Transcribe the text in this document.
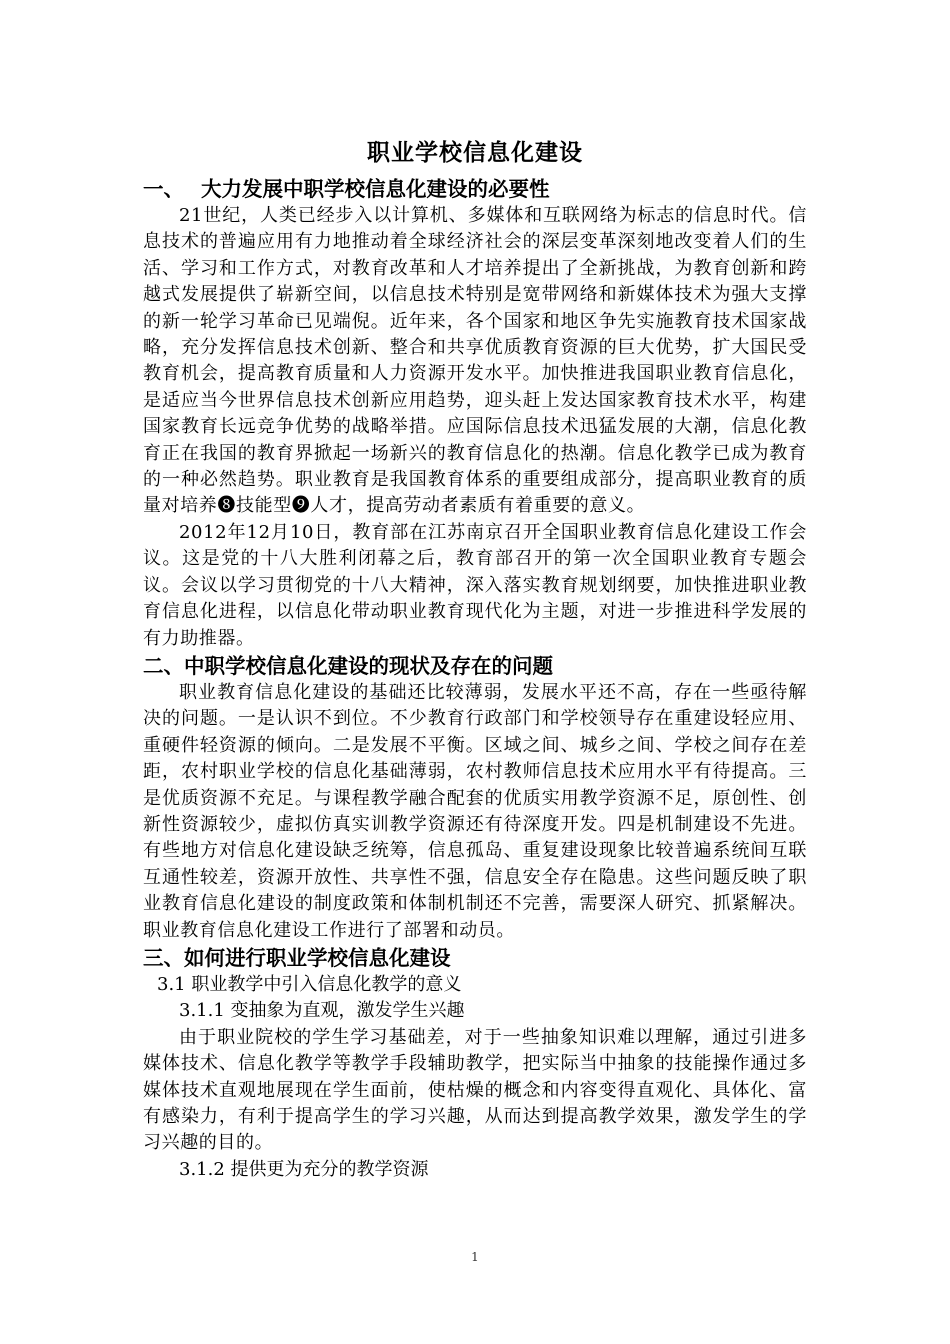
职业学校信息化建设
一、 大力发展中职学校信息化建设的必要性

21世纪，人类已经步入以计算机、多媒体和互联网络为标志的信息时代。信息技术的普遍应用有力地推动着全球经济社会的深层变革深刻地改变着人们的生活、学习和工作方式，对教育改革和人才培养提出了全新挑战，为教育创新和跨越式发展提供了崭新空间，以信息技术特别是宽带网络和新媒体技术为强大支撑的新一轮学习革命已见端倪。近年来，各个国家和地区争先实施教育技术国家战略，充分发挥信息技术创新、整合和共享优质教育资源的巨大优势，扩大国民受教育机会，提高教育质量和人力资源开发水平。加快推进我国职业教育信息化，是适应当今世界信息技术创新应用趋势，迎头赶上发达国家教育技术水平，构建国家教育长远竞争优势的战略举措。应国际信息技术迅猛发展的大潮，信息化教育正在我国的教育界掀起一场新兴的教育信息化的热潮。信息化教学已成为教育的一种必然趋势。职业教育是我国教育体系的重要组成部分，提高职业教育的质量对培养❽技能型❾人才，提高劳动者素质有着重要的意义。

2012年12月10日，教育部在江苏南京召开全国职业教育信息化建设工作会议。这是党的十八大胜利闭幕之后，教育部召开的第一次全国职业教育专题会议。会议以学习贯彻党的十八大精神，深入落实教育规划纲要，加快推进职业教育信息化进程，以信息化带动职业教育现代化为主题，对进一步推进科学发展的有力助推器。

二、中职学校信息化建设的现状及存在的问题

职业教育信息化建设的基础还比较薄弱，发展水平还不高，存在一些亟待解决的问题。一是认识不到位。不少教育行政部门和学校领导存在重建设轻应用、重硬件轻资源的倾向。二是发展不平衡。区域之间、城乡之间、学校之间存在差距，农村职业学校的信息化基础薄弱，农村教师信息技术应用水平有待提高。三是优质资源不充足。与课程教学融合配套的优质实用教学资源不足，原创性、创新性资源较少，虚拟仿真实训教学资源还有待深度开发。四是机制建设不先进。有些地方对信息化建设缺乏统筹，信息孤岛、重复建设现象比较普遍系统间互联互通性较差，资源开放性、共享性不强，信息安全存在隐患。这些问题反映了职业教育信息化建设的制度政策和体制机制还不完善，需要深人研究、抓紧解决。职业教育信息化建设工作进行了部署和动员。

三、如何进行职业学校信息化建设
3.1 职业教学中引入信息化教学的意义
3.1.1 变抽象为直观，激发学生兴趣

由于职业院校的学生学习基础差，对于一些抽象知识难以理解，通过引进多媒体技术、信息化教学等教学手段辅助教学，把实际当中抽象的技能操作通过多媒体技术直观地展现在学生面前，使枯燥的概念和内容变得直观化、具体化、富有感染力，有利于提高学生的学习兴趣，从而达到提高教学效果，激发学生的学习兴趣的目的。

3.1.2 提供更为充分的教学资源
1
